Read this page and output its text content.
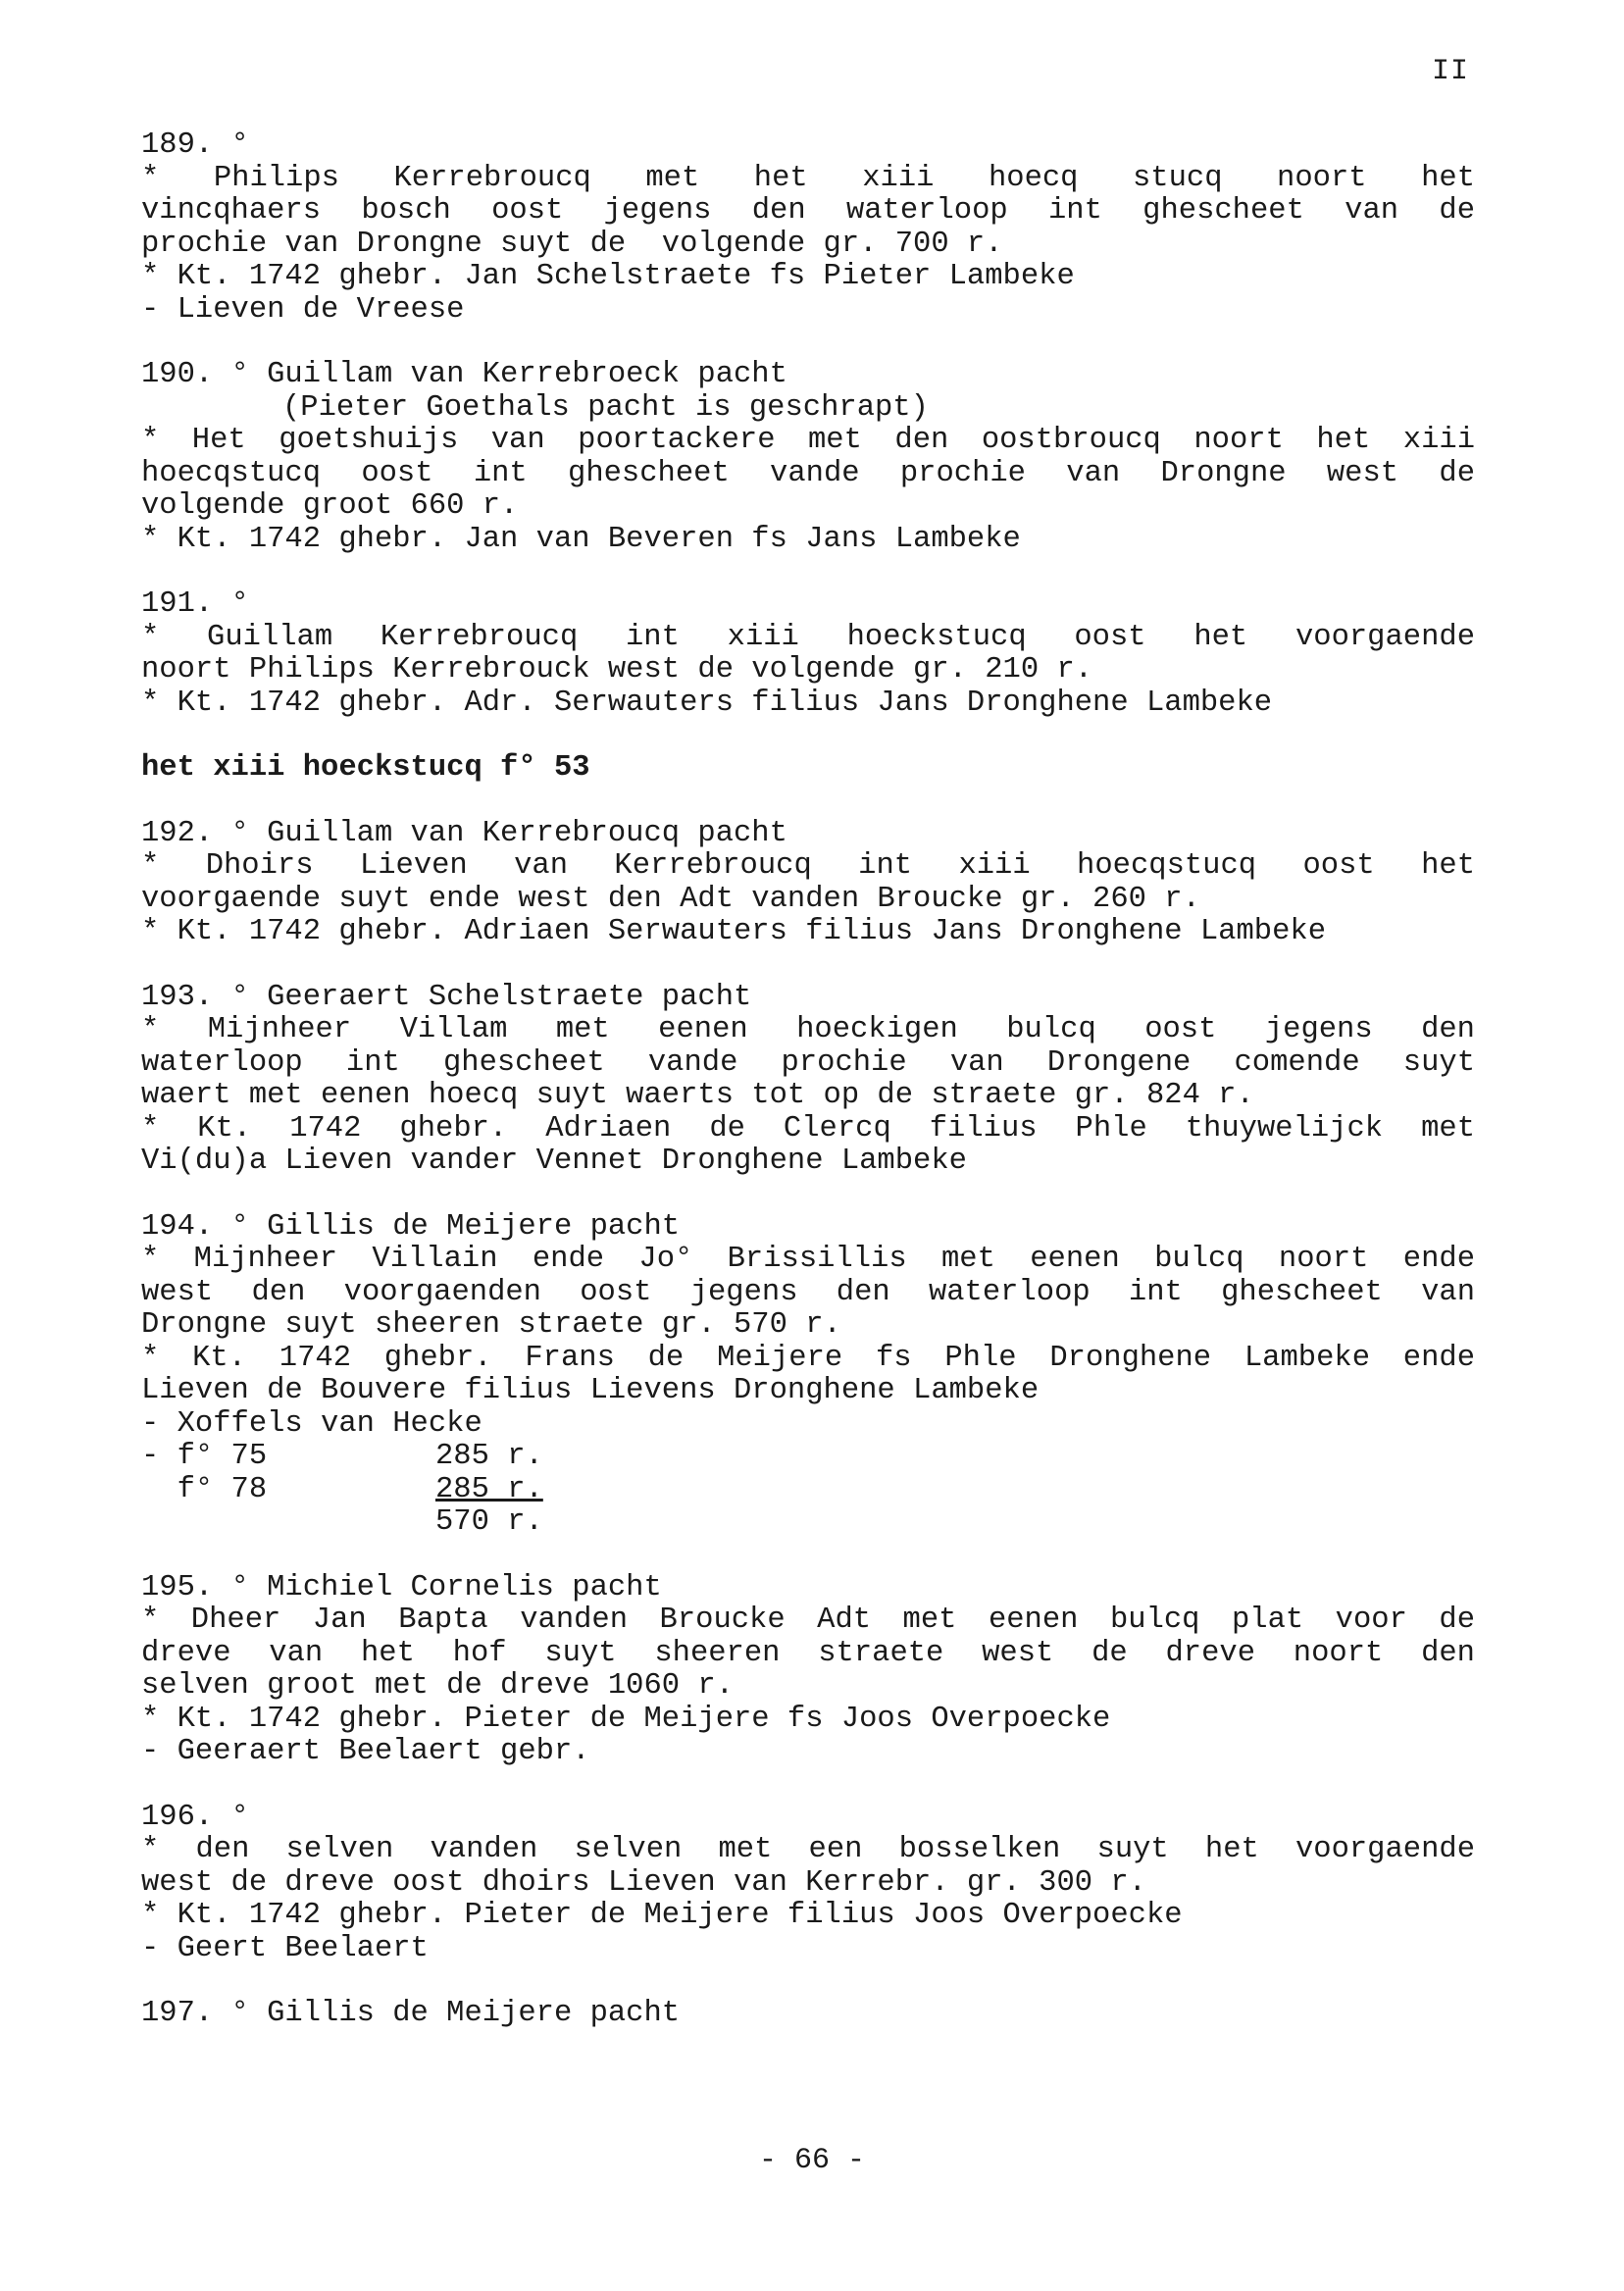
II
189. °
* Philips Kerrebroucq met het xiii hoecq stucq noort het
vincqhaers bosch oost jegens den waterloop int ghescheet van de
prochie van Drongne suyt de  volgende gr. 700 r.
* Kt. 1742 ghebr. Jan Schelstraete fs Pieter Lambeke
- Lieven de Vreese
190. ° Guillam van Kerrebroeck pacht
(Pieter Goethals pacht is geschrapt)
* Het goetshuijs van poortackere met den oostbroucq noort het xiii
hoecqstucq oost int ghescheet vande prochie van Drongne west de
volgende groot 660 r.
* Kt. 1742 ghebr. Jan van Beveren fs Jans Lambeke
191. °
* Guillam Kerrebroucq int xiii hoeckstucq oost het voorgaende
noort Philips Kerrebrouck west de volgende gr. 210 r.
* Kt. 1742 ghebr. Adr. Serwauters filius Jans Dronghene Lambeke
het xiii hoeckstucq f° 53
192. ° Guillam van Kerrebroucq pacht
* Dhoirs Lieven van Kerrebroucq int xiii hoecqstucq oost het
voorgaende suyt ende west den Adt vanden Broucke gr. 260 r.
* Kt. 1742 ghebr. Adriaen Serwauters filius Jans Dronghene Lambeke
193. ° Geeraert Schelstraete pacht
* Mijnheer Villam met eenen hoeckigen bulcq oost jegens den
waterloop int ghescheet vande prochie van Drongene comende suyt
waert met eenen hoecq suyt waerts tot op de straete gr. 824 r.
* Kt. 1742 ghebr. Adriaen de Clercq filius Phle thuywelijck met
Vi(du)a Lieven vander Vennet Dronghene Lambeke
194. ° Gillis de Meijere pacht
* Mijnheer Villain ende Jo° Brissillis met eenen bulcq noort ende
west den voorgaenden oost jegens den waterloop int ghescheet van
Drongne suyt sheeren straete gr. 570 r.
* Kt. 1742 ghebr. Frans de Meijere fs Phle Dronghene Lambeke ende
Lieven de Bouvere filius Lievens Dronghene Lambeke
- Xoffels van Hecke
- f° 75	285 r.
f° 78	285 r.
570 r.
195. ° Michiel Cornelis pacht
* Dheer Jan Bapta vanden Broucke Adt met eenen bulcq plat voor de
dreve van het hof suyt sheeren straete west de dreve noort den
selven groot met de dreve 1060 r.
* Kt. 1742 ghebr. Pieter de Meijere fs Joos Overpoecke
- Geeraert Beelaert gebr.
196. °
* den selven vanden selven met een bosselken suyt het voorgaende
west de dreve oost dhoirs Lieven van Kerrebr. gr. 300 r.
* Kt. 1742 ghebr. Pieter de Meijere filius Joos Overpoecke
- Geert Beelaert
197. ° Gillis de Meijere pacht
- 66 -
